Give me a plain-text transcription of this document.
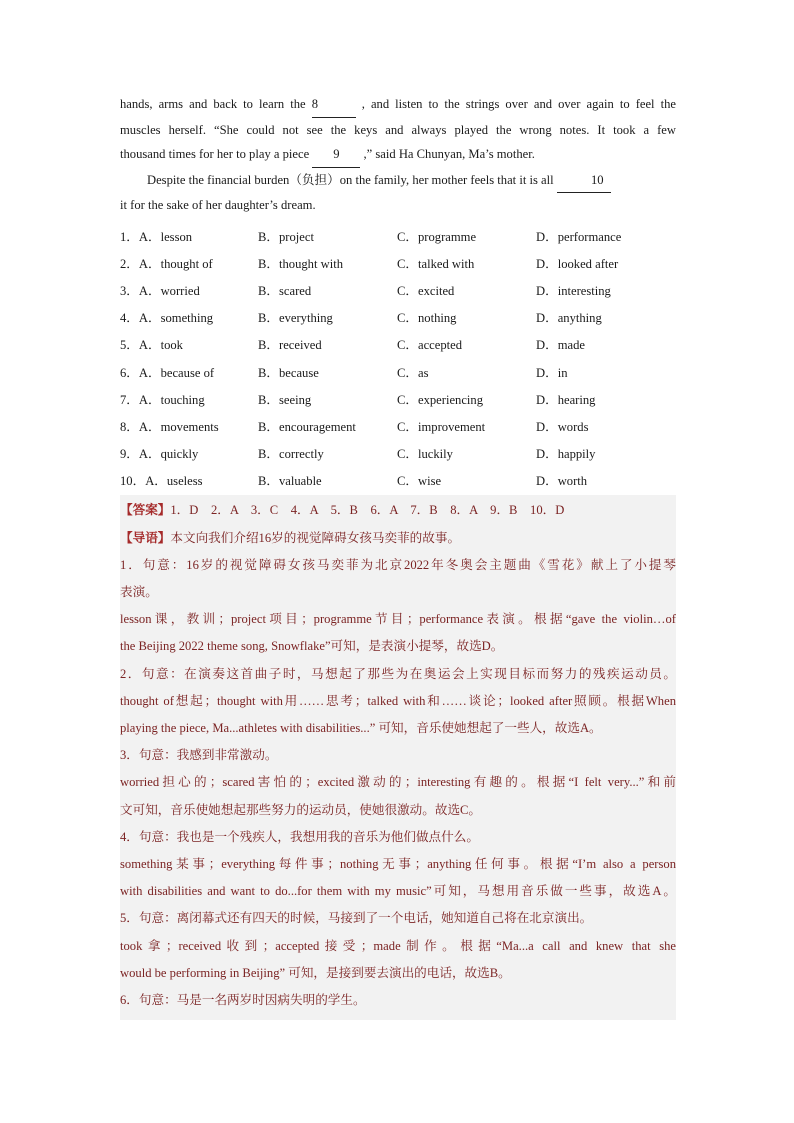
hands, arms and back to learn the 8	, and listen to the strings over and over again to feel the

muscles herself. “She could not see the keys and always played the wrong notes. It took a few

thousand times for her to play a piece 9 ,” said Ha Chunyan, Ma’s mother.

Despite the financial burden（负担）on the family, her mother feels that it is all	10

it for the sake of her daughter’s dream.

1．A．lesson	B．project	C．programme	D．performance
2．A．thought of	B．thought with	C．talked with	D．looked after
3．A．worried	B．scared	C．excited	D．interesting
4．A．something	B．everything	C．nothing	D．anything
5．A．took	B．received	C．accepted	D．made
6．A．because of	B．because	C．as	D．in
7．A．touching	B．seeing	C．experiencing	D．hearing
8．A．movements	B．encouragement	C．improvement	D．words
9．A．quickly	B．correctly	C．luckily	D．happily
10．A．useless	B．valuable	C．wise	D．worth

【答案】1．D　2．A　3．C　4．A　5．B　6．A　7．B　8．A　9．B　10．D

【导语】本文向我们介绍16岁的视觉障碍女孩马奕菲的故事。

1．句意：16岁的视觉障碍女孩马奕菲为北京2022年冬奥会主题曲《雪花》献上了小提琴

表演。

lesson课，教训；project项目；programme节目；performance表演。根据“gave the violin…of

the Beijing 2022 theme song, Snowflake”可知，是表演小提琴，故选D。

2．句意：在演奏这首曲子时，马想起了那些为在奥运会上实现目标而努力的残疾运动员。

thought of想起；thought with用……思考；talked with和……谈论；looked after照顾。根据When

playing the piece, Ma...athletes with disabilities...” 可知，音乐使她想起了一些人，故选A。

3．句意：我感到非常激动。

worried担心的；scared害怕的；excited激动的；interesting有趣的。根据“I felt very...”和前

文可知，音乐使她想起那些努力的运动员，使她很激动。故选C。

4．句意：我也是一个残疾人，我想用我的音乐为他们做点什么。

something某事；everything每件事；nothing无事；anything任何事。根据“I’m also a person

with disabilities and want to do...for them with my music”可知，马想用音乐做一些事，故选A。

5．句意：离闭幕式还有四天的时候，马接到了一个电话，她知道自己将在北京演出。

took拿；received收到；accepted接受；made制作。根据“Ma...a call and knew that she

would be performing in Beijing” 可知，是接到要去演出的电话，故选B。

6．句意：马是一名两岁时因病失明的学生。
